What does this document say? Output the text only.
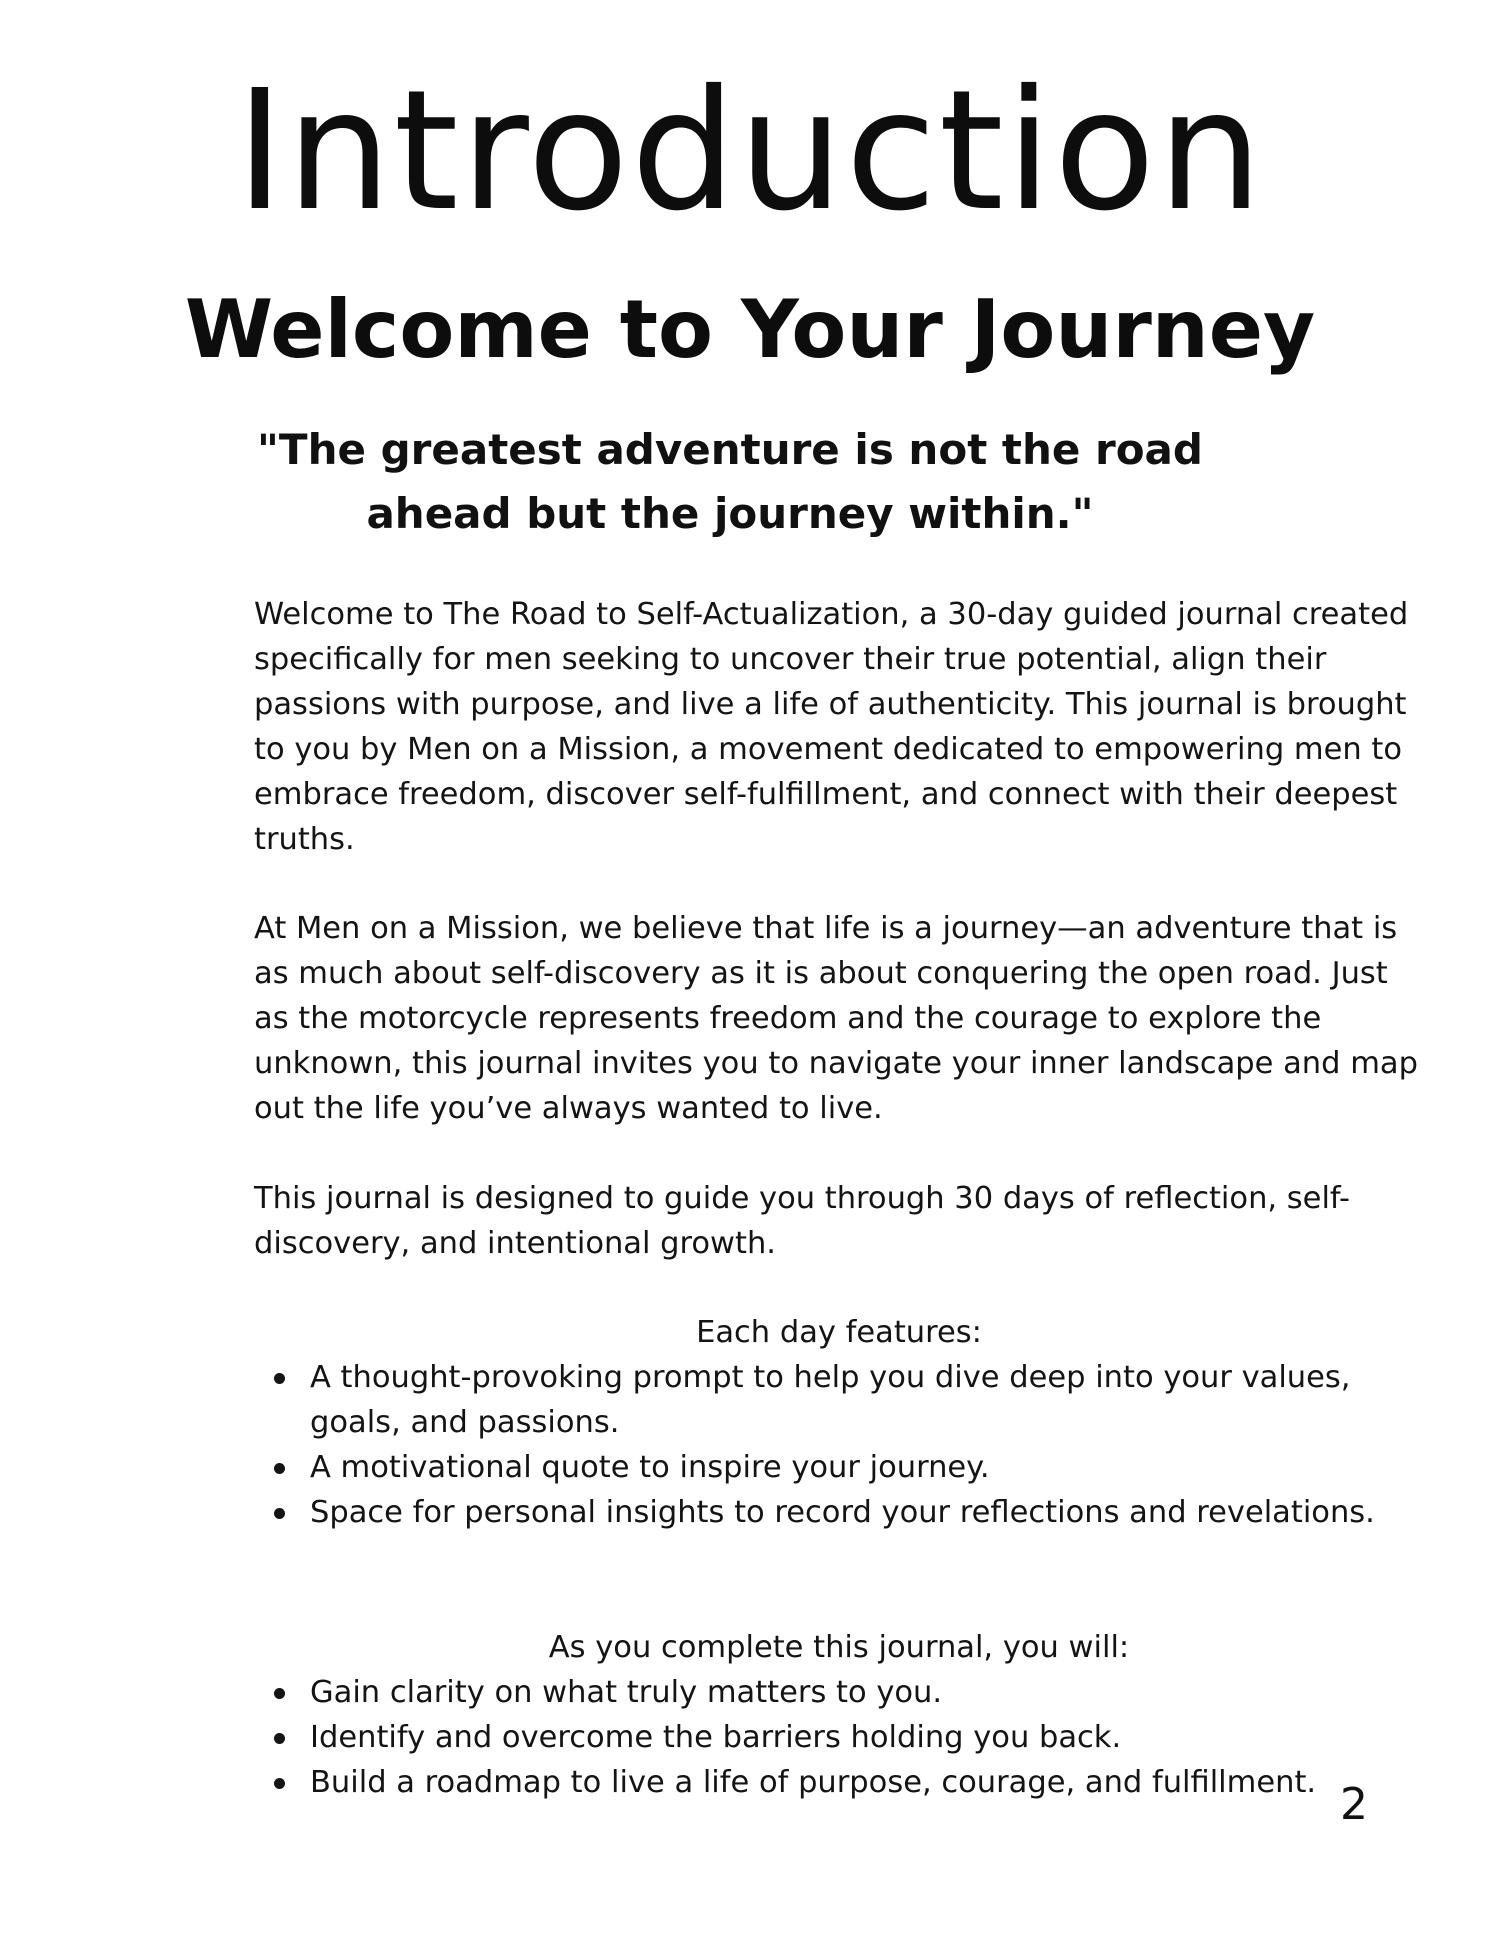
Introduction
Welcome to Your Journey
"The greatest adventure is not the road
ahead but the journey within."

Welcome to The Road to Self-Actualization, a 30-day guided journal created specifically for men seeking to uncover their true potential, align their passions with purpose, and live a life of authenticity. This journal is brought to you by Men on a Mission, a movement dedicated to empowering men to embrace freedom, discover self-fulfillment, and connect with their deepest truths.

At Men on a Mission, we believe that life is a journey—an adventure that is as much about self-discovery as it is about conquering the open road. Just as the motorcycle represents freedom and the courage to explore the unknown, this journal invites you to navigate your inner landscape and map out the life you’ve always wanted to live.

This journal is designed to guide you through 30 days of reflection, self-discovery, and intentional growth.

Each day features:

A thought-provoking prompt to help you dive deep into your values, goals, and passions.
A motivational quote to inspire your journey.
Space for personal insights to record your reflections and revelations.

As you complete this journal, you will:

Gain clarity on what truly matters to you.
Identify and overcome the barriers holding you back.
Build a roadmap to live a life of purpose, courage, and fulfillment. 2
